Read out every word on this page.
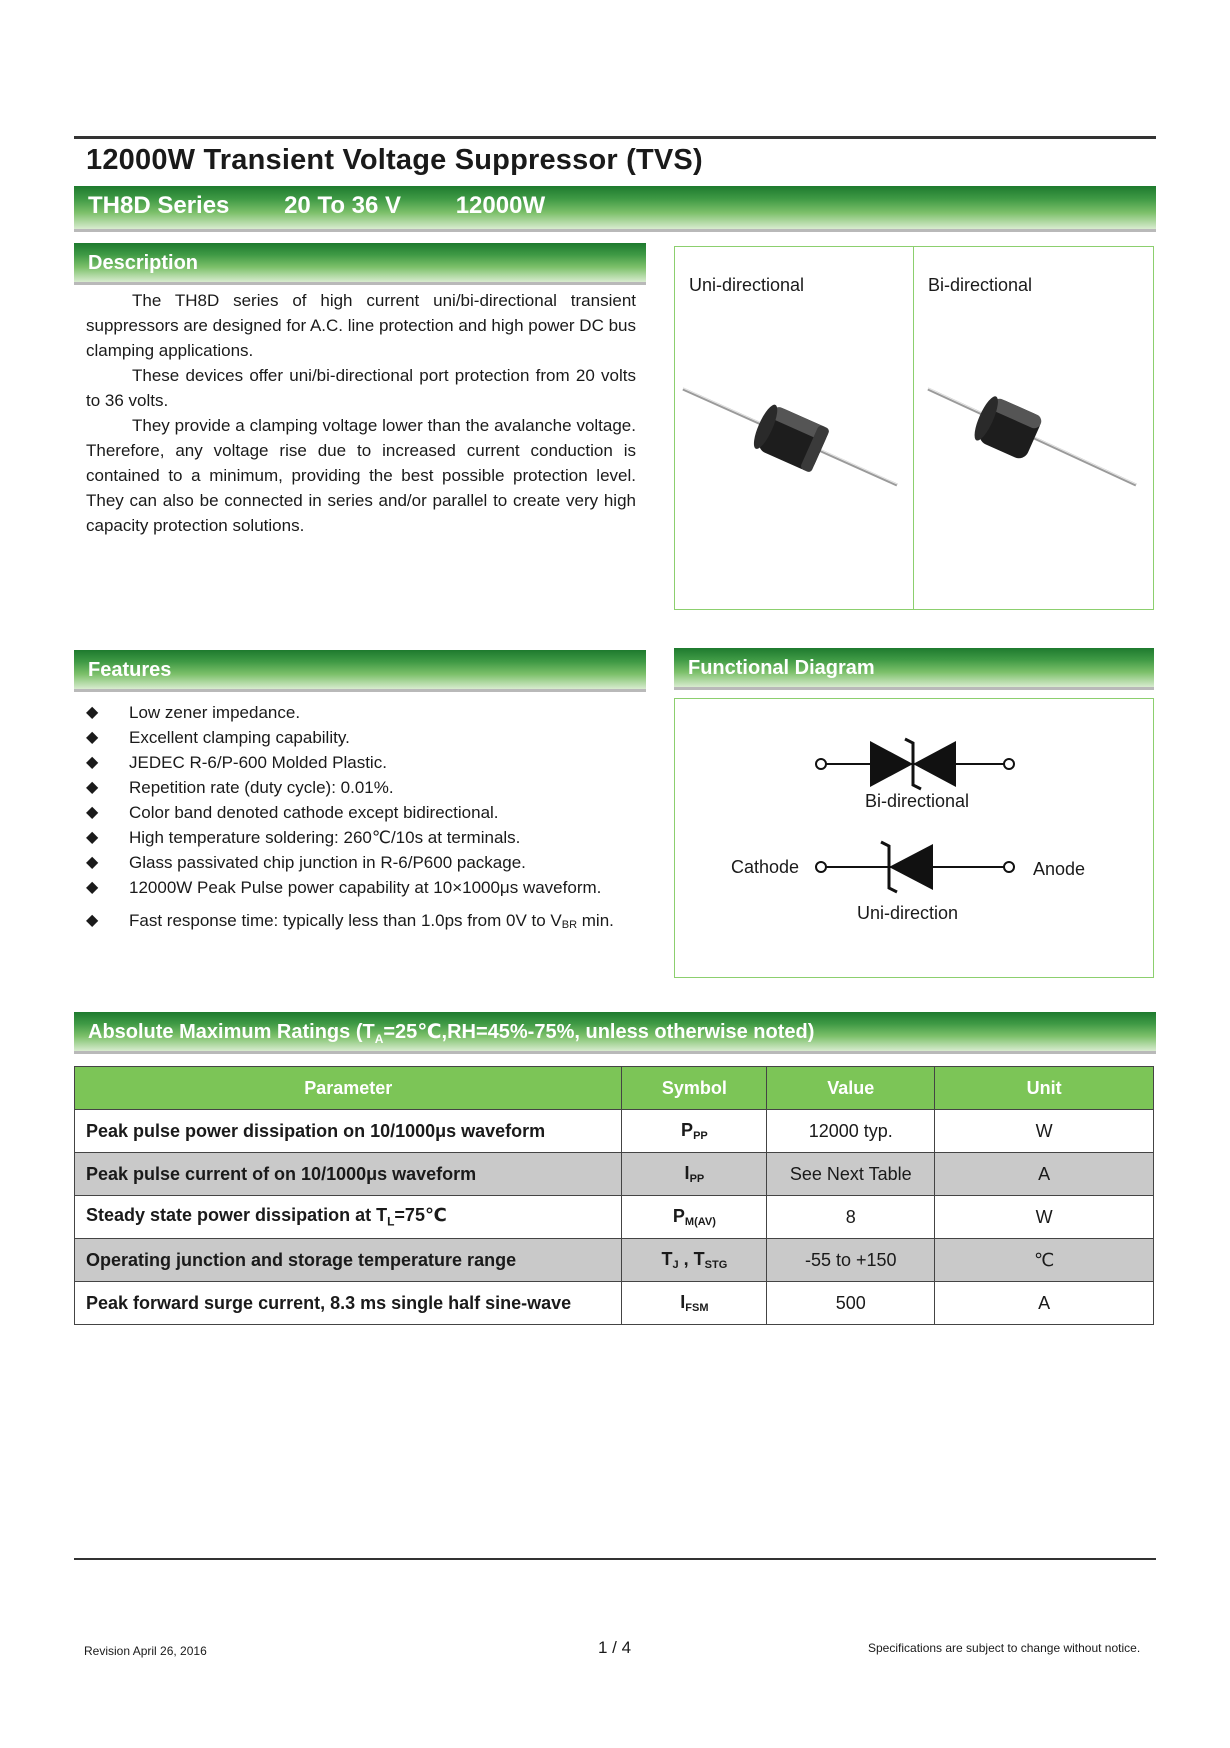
12000W Transient Voltage Suppressor (TVS)
TH8D Series 20 To 36 V 12000W
Description

The TH8D series of high current uni/bi-directional transient suppressors are designed for A.C. line protection and high power DC bus clamping applications.

These devices offer uni/bi-directional port protection from 20 volts to 36 volts.

They provide a clamping voltage lower than the avalanche voltage. Therefore, any voltage rise due to increased current conduction is contained to a minimum, providing the best possible protection level. They can also be connected in series and/or parallel to create very high capacity protection solutions.

Uni-directional	Bi-directional
Features
◆ Low zener impedance.
◆ Excellent clamping capability.
◆ JEDEC R-6/P-600 Molded Plastic.
◆ Repetition rate (duty cycle): 0.01%.
◆ Color band denoted cathode except bidirectional.
◆ High temperature soldering: 260℃/10s at terminals.
◆ Glass passivated chip junction in R-6/P600 package.
◆ 12000W Peak Pulse power capability at 10×1000μs waveform.
◆ Fast response time: typically less than 1.0ps from 0V to $V_{BR}$ min.
Functional Diagram
Bi-directional
Cathode	Anode
Uni-direction
Absolute Maximum Ratings ($T_A=25℃,RH=45\%-75\%$, unless otherwise noted)
Parameter	Symbol	Value	Unit
Peak pulse power dissipation on 10/1000μs waveform	$P_{PP}$	12000 typ.	W
Peak pulse current of on 10/1000μs waveform	$I_{PP}$	See Next Table	A
Steady state power dissipation at $T_L=75℃$	$P_{M(AV)}$	8	W
Operating junction and storage temperature range	$T_J$ , $T_{STG}$	-55 to +150	℃
Peak forward surge current, 8.3 ms single half sine-wave	$I_{FSM}$	500	A
Revision April 26, 2016	1 / 4	Specifications are subject to change without notice.
